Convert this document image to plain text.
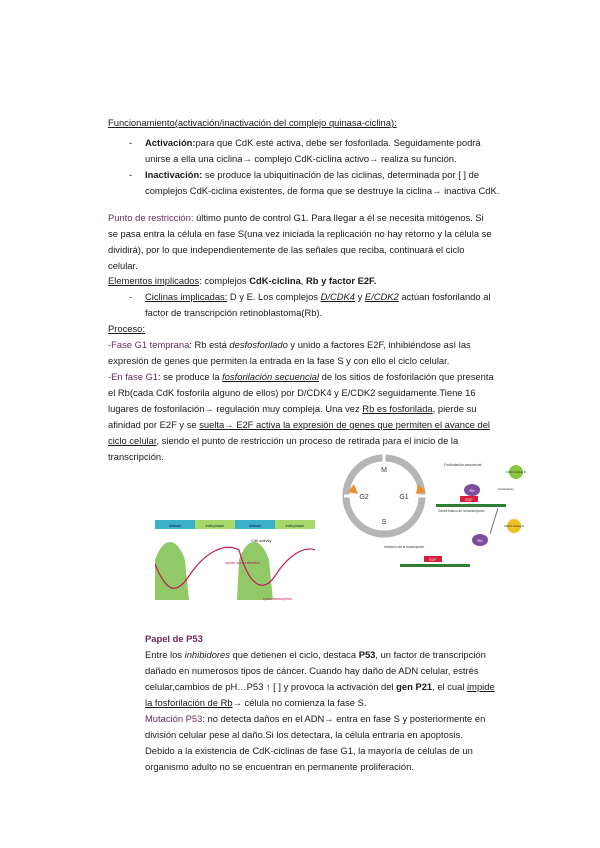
Funcionamiento(activación/inactivación del complejo quinasa-ciclina):
- Activación:para que CdK esté activa, debe ser fosforilada. Seguidamente podrá
unirse a ella una ciclina→ complejo CdK-ciclina activo→ realiza su función.
- Inactivación: se produce la ubiquitinación de las ciclinas, determinada por [ ] de
complejos CdK-ciclina existentes, de forma que se destruye la ciclina→ inactiva CdK.
Punto de restricción: último punto de control G1. Para llegar a él se necesita mitógenos. Si
se pasa entra la célula en fase S(una vez iniciada la replicación no hay retorno y la célula se
dividirá), por lo que independientemente de las señales que reciba, continuará el ciclo
celular.
Elementos implicados: complejos CdK-ciclina, Rb y factor E2F.
- Ciclinas implicadas: D y E. Los complejos D/CDK4 y E/CDK2 actúan fosforilando al
factor de transcripción retinoblastoma(Rb).
Proceso:
-Fase G1 temprana: Rb está desfosforilado y unido a factores E2F, inhibiéndose así las
expresión de genes que permiten la entrada en la fase S y con ello el ciclo celular.
-En fase G1: se produce la fosforilación secuencial de los sitios de fosforilación que presenta
el Rb(cada CdK fosforila alguno de ellos) por D/CDK4 y E/CDK2 seguidamente.Tiene 16
lugares de fosforilación→ regulación muy compleja. Una vez Rb es fosforilada, pierde su
afinidad por E2F y se suelta→ E2F activa la expresión de genes que permiten el avance del
ciclo celular, siendo el punto de restricción un proceso de retirada para el inicio de la
transcripción.
mitosis	interphase	mitosis	interphase
Cdk activity
cyclin concentration
cyclin transcription
M
G2	G1
S
Fosforilación secuencial
Rb
E2F
Genes blanco de la transcripción
CDK4 ciclina D
fosforilación
CDK2 ciclina E
Rb
Inhibición de la transcripción
E2F
Papel de P53
Entre los inhibidores que detienen el ciclo, destaca P53, un factor de transcripción
dañado en numerosos tipos de cáncer. Cuando hay daño de ADN celular, estrés
celular,cambios de pH…P53 ↑ [ ] y provoca la activación del gen P21, el cual impide
la fosforilación de Rb→ célula no comienza la fase S.
Mutación P53: no detecta daños en el ADN→ entra en fase S y posteriormente en
división celular pese al daño.Si los detectara, la célula entraría en apoptosis.
Debido a la existencia de CdK-ciclinas de fase G1, la mayoría de células de un
organismo adulto no se encuentran en permanente proliferación.
